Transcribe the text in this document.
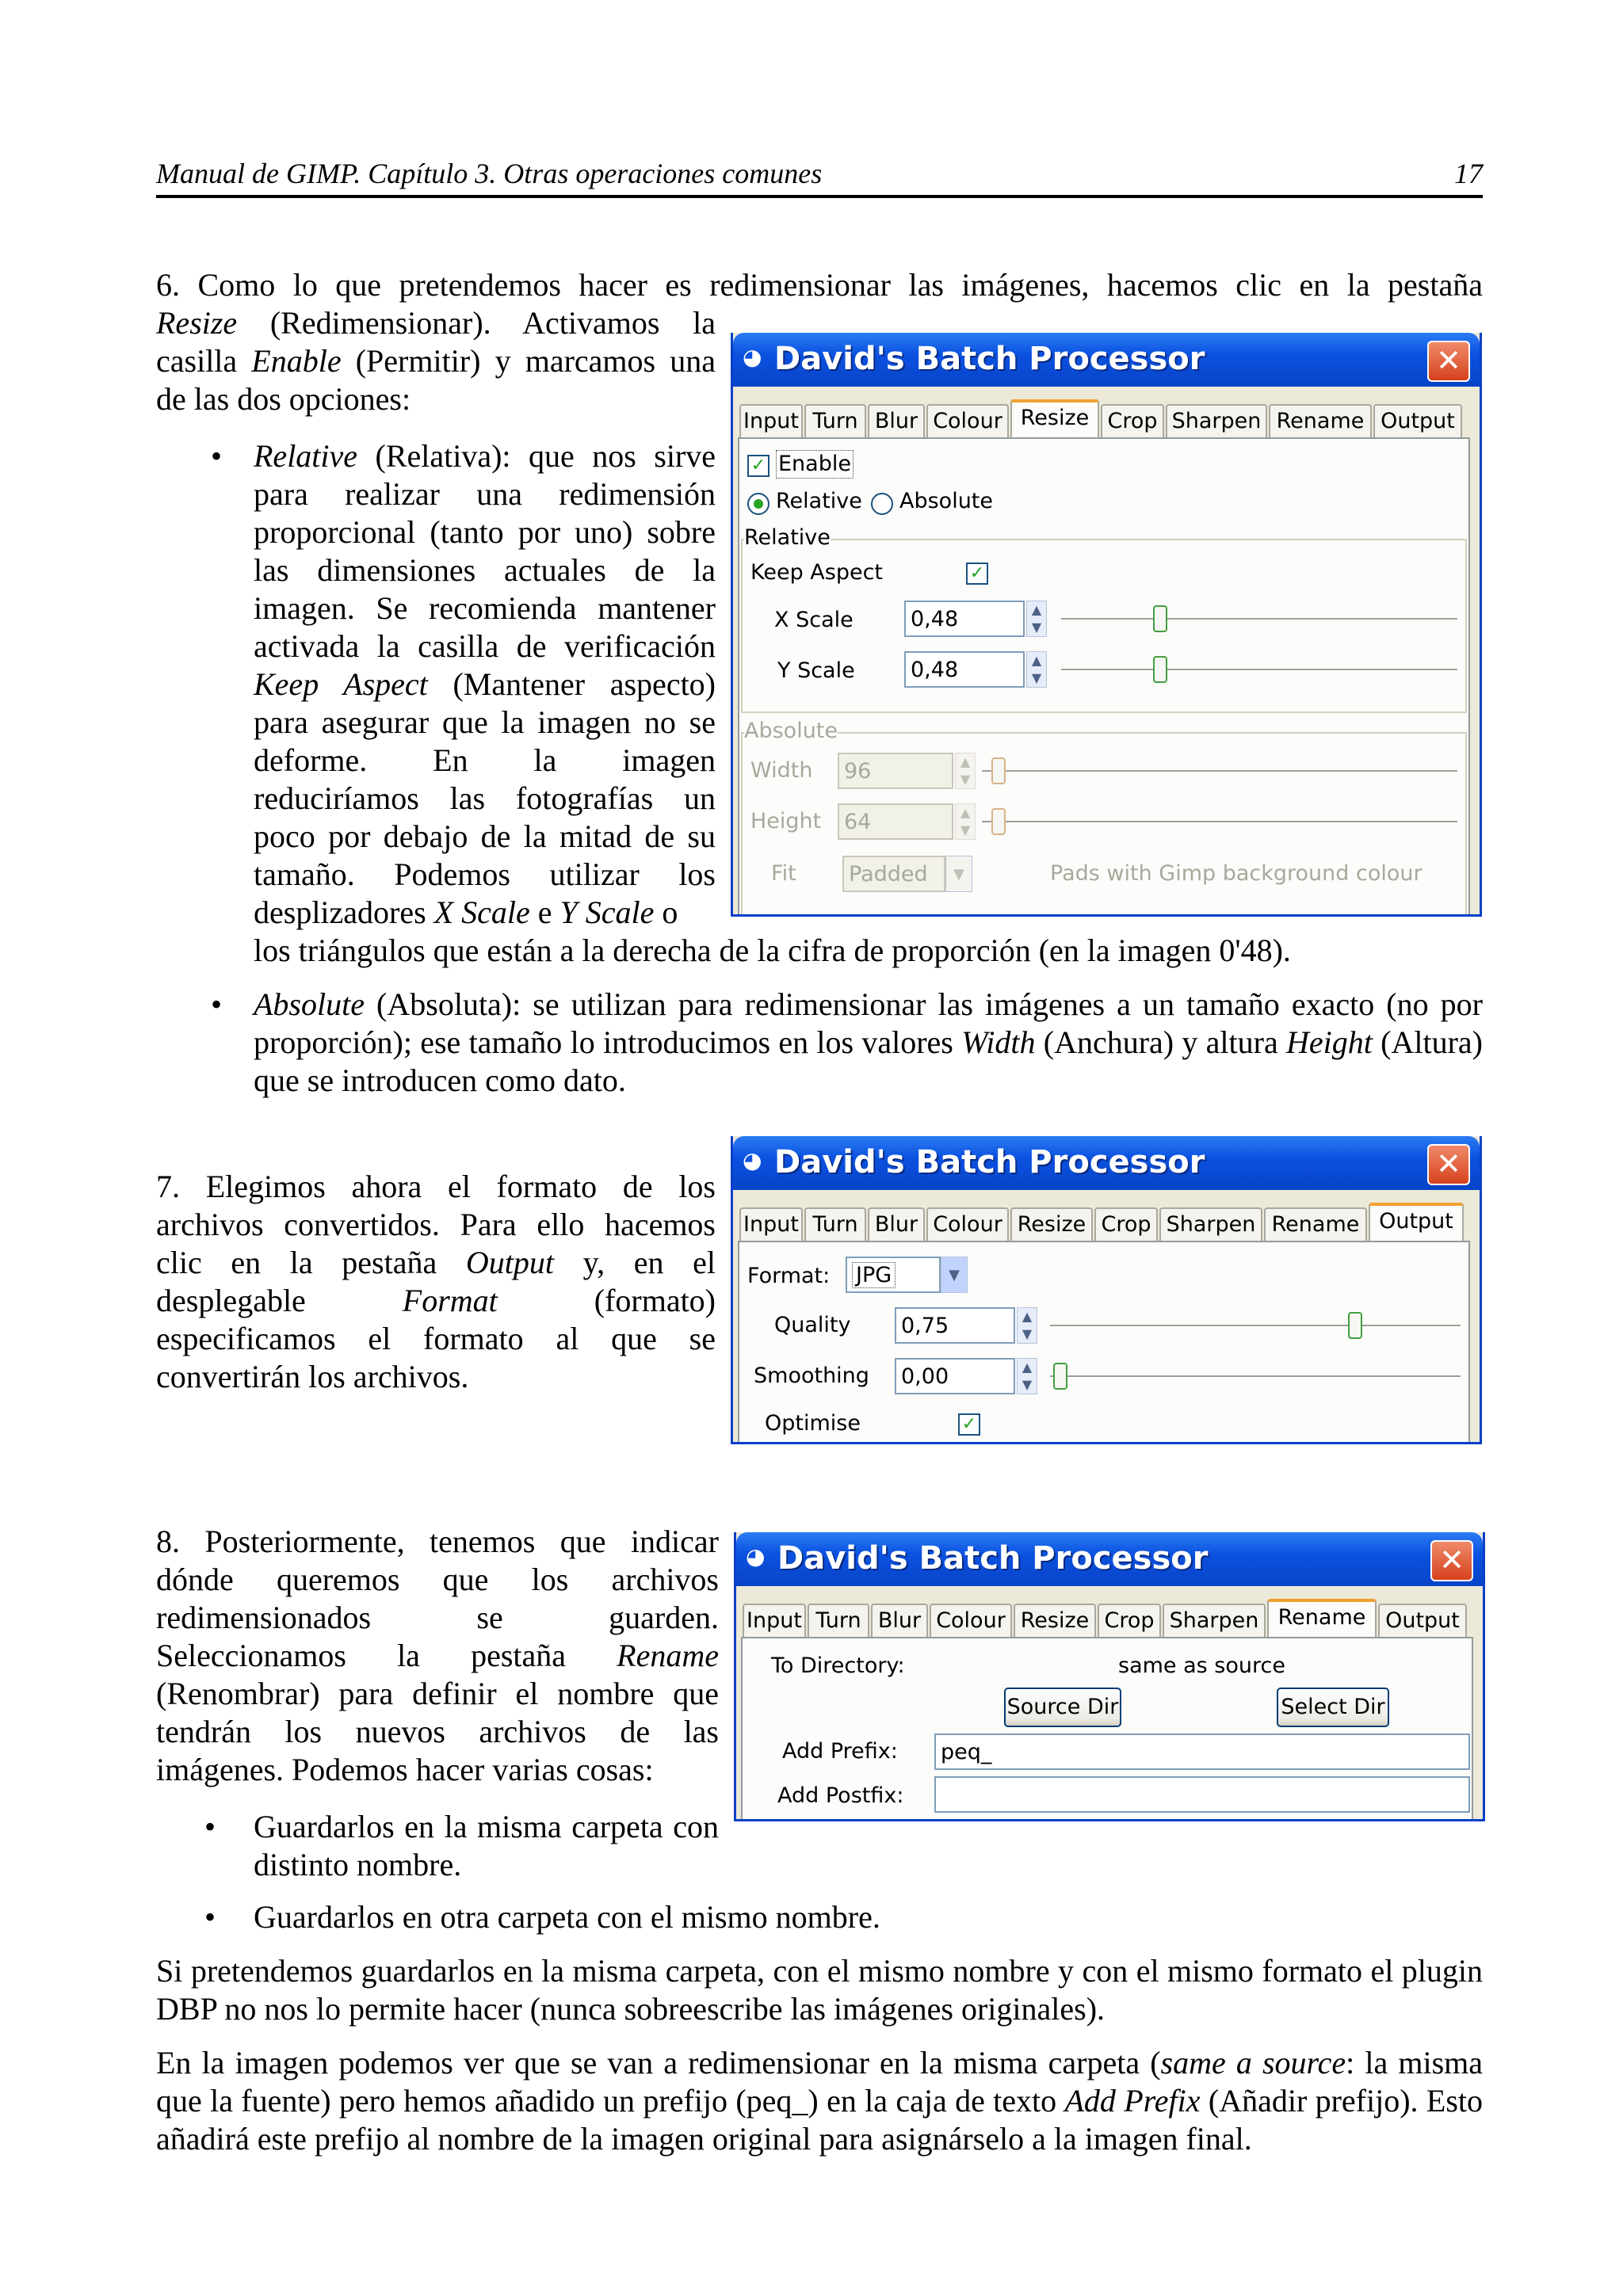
Manual de GIMP. Capítulo 3. Otras operaciones comunes	17
6. Como lo que pretendemos hacer es redimensionar las imágenes, hacemos clic en la pestaña
Resize (Redimensionar). Activamos la casilla Enable (Permitir) y marcamos una de las dos opciones:
• Relative (Relativa): que nos sirve para realizar una redimensión proporcional (tanto por uno) sobre las dimensiones actuales de la imagen. Se recomienda mantener activada la casilla de verificación Keep Aspect (Mantener aspecto) para asegurar que la imagen no se deforme. En la imagen reduciríamos las fotografías un poco por debajo de la mitad de su tamaño. Podemos utilizar los desplizadores X Scale e Y Scale o
los triángulos que están a la derecha de la cifra de proporción (en la imagen 0'48).
• Absolute (Absoluta): se utilizan para redimensionar las imágenes a un tamaño exacto (no por proporción); ese tamaño lo introducimos en los valores Width (Anchura) y altura Height (Altura) que se introducen como dato.
◕ David's Batch Processor	✕
Input Turn Blur Colour Resize Crop Sharpen Rename Output
✓ Enable
Relative Absolute
Relative
Keep Aspect	✓
X Scale	0,48	▲
▼
Y Scale	0,48	▲
▼
Absolute
Width 96	▲
▼
Height 64	▲
▼
Fit Padded	▼	Pads with Gimp background colour
7. Elegimos ahora el formato de los archivos convertidos. Para ello hacemos clic en la pestaña Output y, en el desplegable Format (formato) especificamos el formato al que se convertirán los archivos.
◕ David's Batch Processor	✕
Input Turn Blur Colour Resize Crop Sharpen Rename Output
Format:	JPG	▼
Quality 0,75	▲
▼
Smoothing 0,00	▲
▼
Optimise	✓
8. Posteriormente, tenemos que indicar dónde queremos que los archivos redimensionados se guarden. Seleccionamos la pestaña Rename (Renombrar) para definir el nombre que tendrán los nuevos archivos de las imágenes. Podemos hacer varias cosas:
• Guardarlos en la misma carpeta con distinto nombre.
• Guardarlos en otra carpeta con el mismo nombre.
Si pretendemos guardarlos en la misma carpeta, con el mismo nombre y con el mismo formato el plugin DBP no nos lo permite hacer (nunca sobreescribe las imágenes originales).
En la imagen podemos ver que se van a redimensionar en la misma carpeta (same a source: la misma que la fuente) pero hemos añadido un prefijo (peq_) en la caja de texto Add Prefix (Añadir prefijo). Esto añadirá este prefijo al nombre de la imagen original para asignárselo a la imagen final.
◕ David's Batch Processor	✕
Input Turn Blur Colour Resize Crop Sharpen Rename Output
To Directory:	same as source
Source Dir	Select Dir
Add Prefix: peq_
Add Postfix:
